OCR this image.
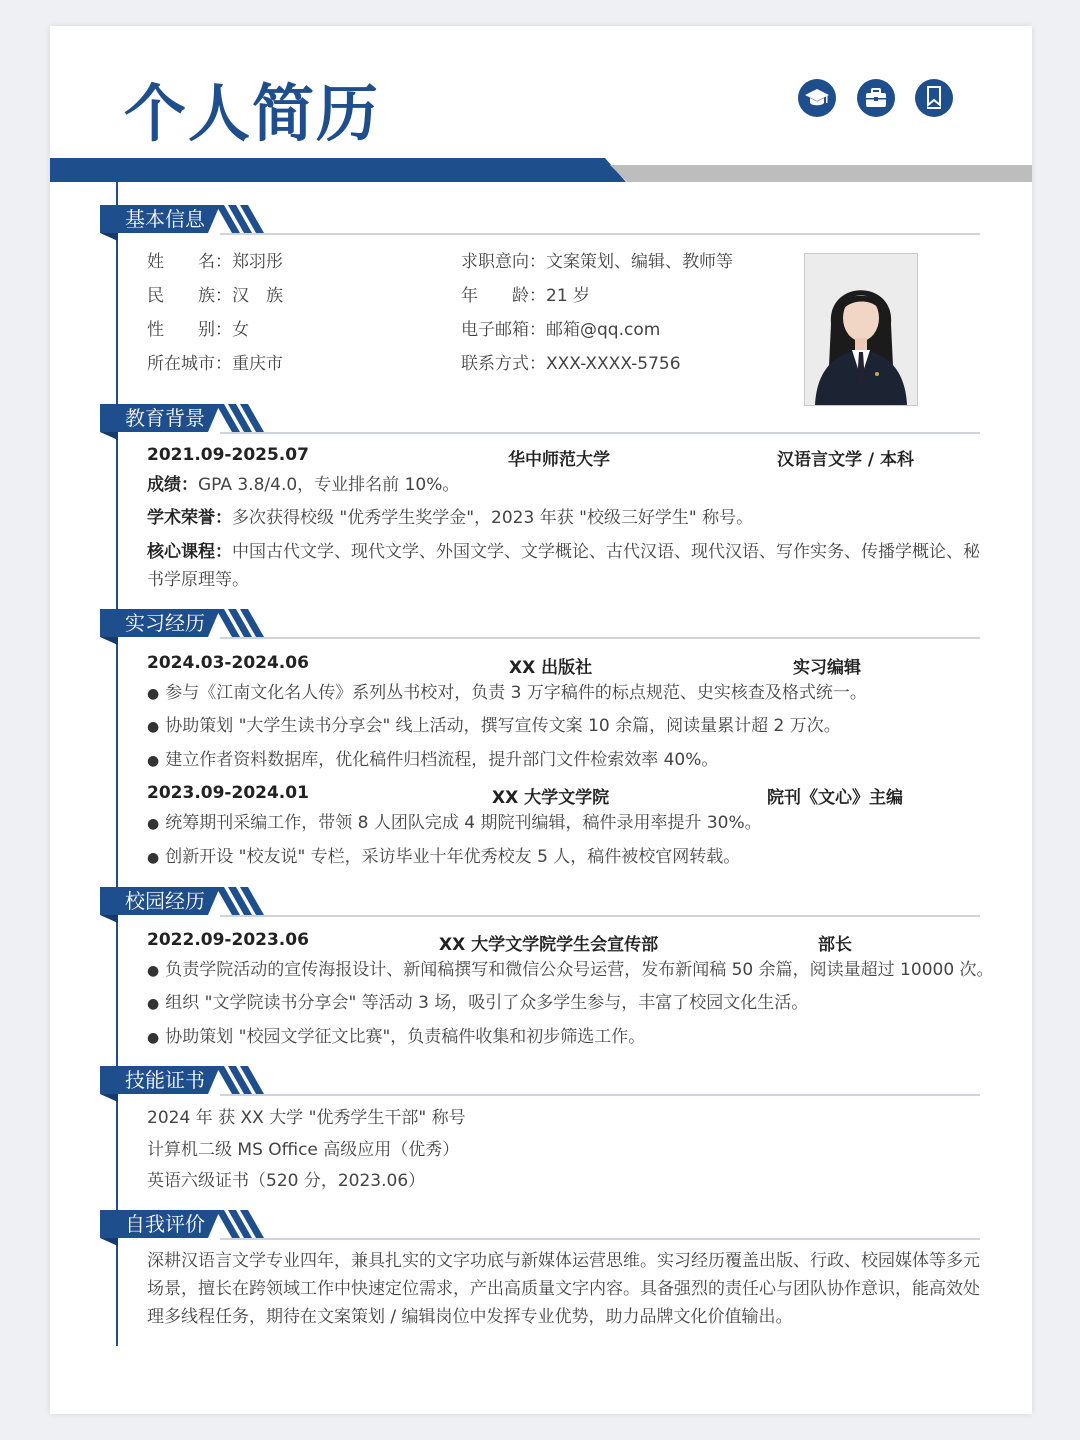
个人简历
基本信息
姓　　名：郑羽彤
民　　族：汉　族
性　　别：女
所在城市：重庆市
求职意向：文案策划、编辑、教师等
年　　龄：21 岁
电子邮箱：邮箱@qq.com
联系方式：XXX-XXXX-5756
教育背景
2021.09-2025.07	华中师范大学	汉语言文学 / 本科
成绩：GPA 3.8/4.0，专业排名前 10%。
学术荣誉：多次获得校级 "优秀学生奖学金"，2023 年获 "校级三好学生" 称号。
核心课程：中国古代文学、现代文学、外国文学、文学概论、古代汉语、现代汉语、写作实务、传播学概论、秘
书学原理等。
实习经历
2024.03-2024.06	XX 出版社	实习编辑
● 参与《江南文化名人传》系列丛书校对，负责 3 万字稿件的标点规范、史实核查及格式统一。
● 协助策划 "大学生读书分享会" 线上活动，撰写宣传文案 10 余篇，阅读量累计超 2 万次。
● 建立作者资料数据库，优化稿件归档流程，提升部门文件检索效率 40%。
2023.09-2024.01	XX 大学文学院	院刊《文心》主编
● 统筹期刊采编工作，带领 8 人团队完成 4 期院刊编辑，稿件录用率提升 30%。
● 创新开设 "校友说" 专栏，采访毕业十年优秀校友 5 人，稿件被校官网转载。
校园经历
2022.09-2023.06	XX 大学文学院学生会宣传部	部长
● 负责学院活动的宣传海报设计、新闻稿撰写和微信公众号运营，发布新闻稿 50 余篇，阅读量超过 10000 次。
● 组织 "文学院读书分享会" 等活动 3 场，吸引了众多学生参与，丰富了校园文化生活。
● 协助策划 "校园文学征文比赛"，负责稿件收集和初步筛选工作。
技能证书
2024 年 获 XX 大学 "优秀学生干部" 称号
计算机二级 MS Office 高级应用（优秀）
英语六级证书（520 分，2023.06）
自我评价
深耕汉语言文学专业四年，兼具扎实的文字功底与新媒体运营思维。实习经历覆盖出版、行政、校园媒体等多元
场景，擅长在跨领域工作中快速定位需求，产出高质量文字内容。具备强烈的责任心与团队协作意识，能高效处
理多线程任务，期待在文案策划 / 编辑岗位中发挥专业优势，助力品牌文化价值输出。
